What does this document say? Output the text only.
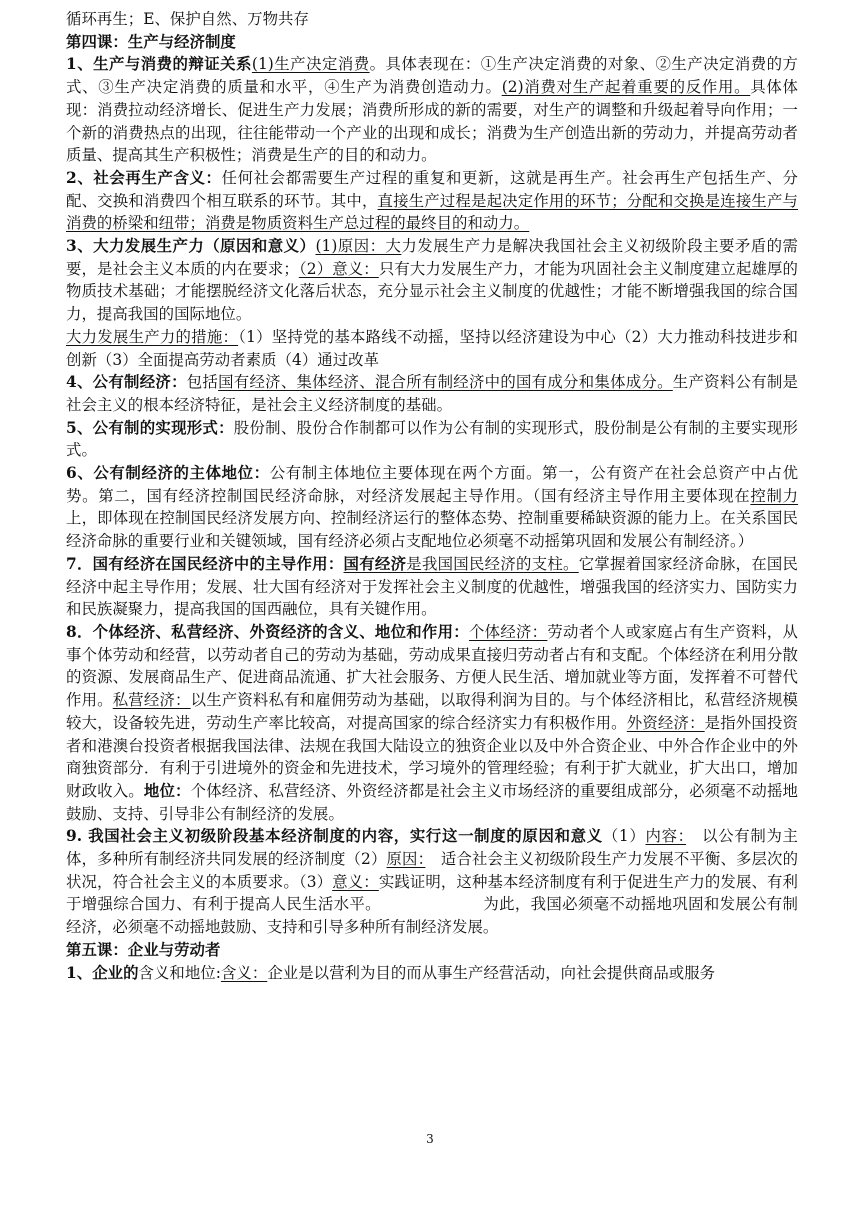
循环再生；E、保护自然、万物共存

第四课：生产与经济制度

1、生产与消费的辩证关系(1)生产决定消费。具体表现在：①生产决定消费的对象、②生产决定消费的方式、③生产决定消费的质量和水平，④生产为消费创造动力。(2)消费对生产起着重要的反作用。具体体现：消费拉动经济增长、促进生产力发展；消费所形成的新的需要，对生产的调整和升级起着导向作用；一个新的消费热点的出现，往往能带动一个产业的出现和成长；消费为生产创造出新的劳动力，并提高劳动者质量、提高其生产积极性；消费是生产的目的和动力。

2、社会再生产含义：任何社会都需要生产过程的重复和更新，这就是再生产。社会再生产包括生产、分配、交换和消费四个相互联系的环节。其中，直接生产过程是起决定作用的环节；分配和交换是连接生产与消费的桥梁和纽带；消费是物质资料生产总过程的最终目的和动力。

3、大力发展生产力（原因和意义）(1)原因：大力发展生产力是解决我国社会主义初级阶段主要矛盾的需要，是社会主义本质的内在要求；（2）意义：只有大力发展生产力，才能为巩固社会主义制度建立起雄厚的物质技术基础；才能摆脱经济文化落后状态，充分显示社会主义制度的优越性；才能不断增强我国的综合国力，提高我国的国际地位。

大力发展生产力的措施：（1）坚持党的基本路线不动摇，坚持以经济建设为中心（2）大力推动科技进步和创新（3）全面提高劳动者素质（4）通过改革

4、公有制经济：包括国有经济、集体经济、混合所有制经济中的国有成分和集体成分。生产资料公有制是社会主义的根本经济特征，是社会主义经济制度的基础。

5、公有制的实现形式：股份制、股份合作制都可以作为公有制的实现形式，股份制是公有制的主要实现形式。

6、公有制经济的主体地位：公有制主体地位主要体现在两个方面。第一，公有资产在社会总资产中占优势。第二，国有经济控制国民经济命脉，对经济发展起主导作用。（国有经济主导作用主要体现在控制力上，即体现在控制国民经济发展方向、控制经济运行的整体态势、控制重要稀缺资源的能力上。在关系国民经济命脉的重要行业和关键领域，国有经济必须占支配地位必须毫不动摇第巩固和发展公有制经济。）

7．国有经济在国民经济中的主导作用：国有经济是我国国民经济的支柱。它掌握着国家经济命脉，在国民经济中起主导作用；发展、壮大国有经济对于发挥社会主义制度的优越性，增强我国的经济实力、国防实力和民族凝聚力，提高我国的国西融位，具有关键作用。

8．个体经济、私营经济、外资经济的含义、地位和作用：个体经济：劳动者个人或家庭占有生产资料，从事个体劳动和经营，以劳动者自己的劳动为基础，劳动成果直接归劳动者占有和支配。个体经济在利用分散的资源、发展商品生产、促进商品流通、扩大社会服务、方便人民生活、增加就业等方面，发挥着不可替代作用。私营经济：以生产资料私有和雇佣劳动为基础，以取得利润为目的。与个体经济相比，私营经济规模较大，设备较先进，劳动生产率比较高，对提高国家的综合经济实力有积极作用。外资经济：是指外国投资者和港澳台投资者根据我国法律、法规在我国大陆设立的独资企业以及中外合资企业、中外合作企业中的外商独资部分．有利于引进境外的资金和先进技术，学习境外的管理经验；有利于扩大就业，扩大出口，增加财政收入。地位：个体经济、私营经济、外资经济都是社会主义市场经济的重要组成部分，必须毫不动摇地鼓励、支持、引导非公有制经济的发展。

9. 我国社会主义初级阶段基本经济制度的内容，实行这一制度的原因和意义（1）内容：　以公有制为主体，多种所有制经济共同发展的经济制度（2）原因：　适合社会主义初级阶段生产力发展不平衡、多层次的状况，符合社会主义的本质要求。（3）意义：实践证明，这种基本经济制度有利于促进生产力的发展、有利于增强综合国力、有利于提高人民生活水平。　　　　　　　为此，我国必须毫不动摇地巩固和发展公有制经济，必须毫不动摇地鼓励、支持和引导多种所有制经济发展。

第五课：企业与劳动者

1、企业的含义和地位:含义：企业是以营利为目的而从事生产经营活动，向社会提供商品或服务

3
